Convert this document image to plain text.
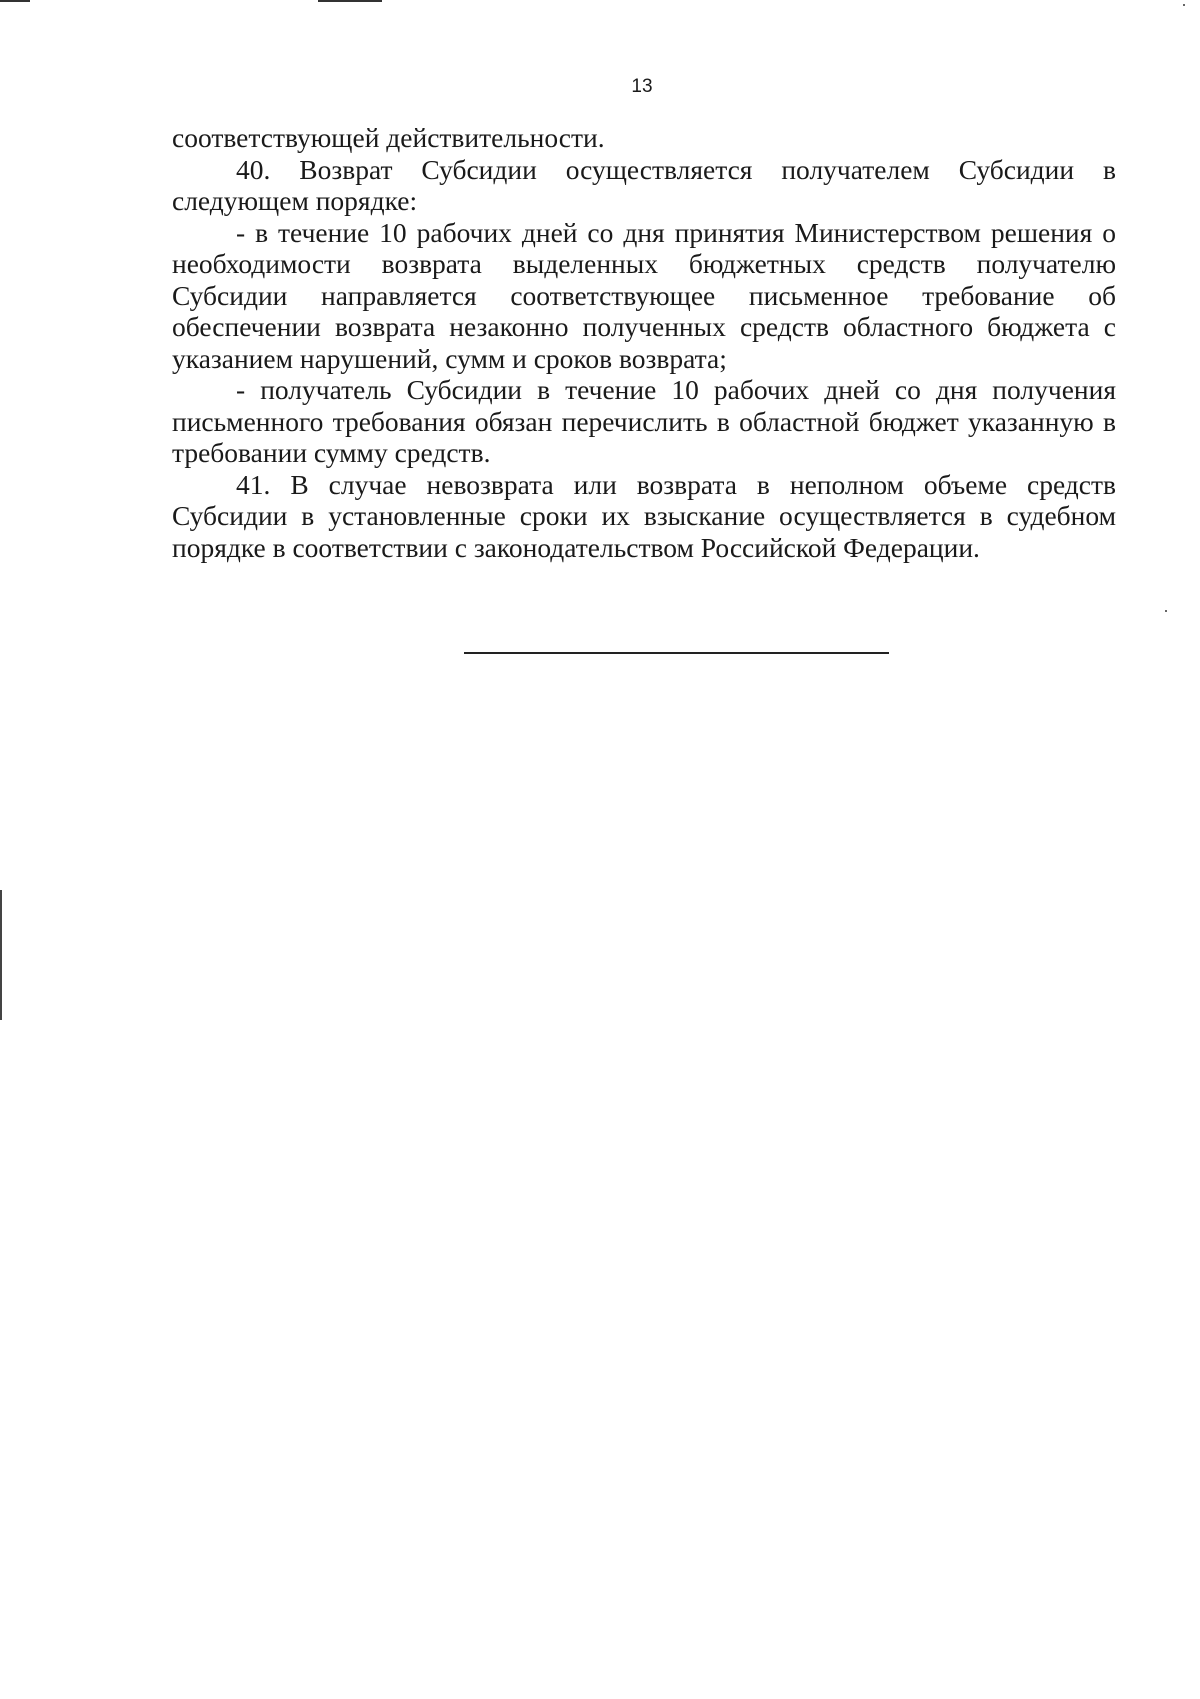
13

соответствующей действительности.

40. Возврат Субсидии осуществляется получателем Субсидии в следующем порядке:

- в течение 10 рабочих дней со дня принятия Министерством решения о необходимости возврата выделенных бюджетных средств получателю Субсидии направляется соответствующее письменное требование об обеспечении возврата незаконно полученных средств областного бюджета с указанием нарушений, сумм и сроков возврата;

- получатель Субсидии в течение 10 рабочих дней со дня получения письменного требования обязан перечислить в областной бюджет указанную в требовании сумму средств.

41. В случае невозврата или возврата в неполном объеме средств Субсидии в установленные сроки их взыскание осуществляется в судебном порядке в соответствии с законодательством Российской Федерации.
